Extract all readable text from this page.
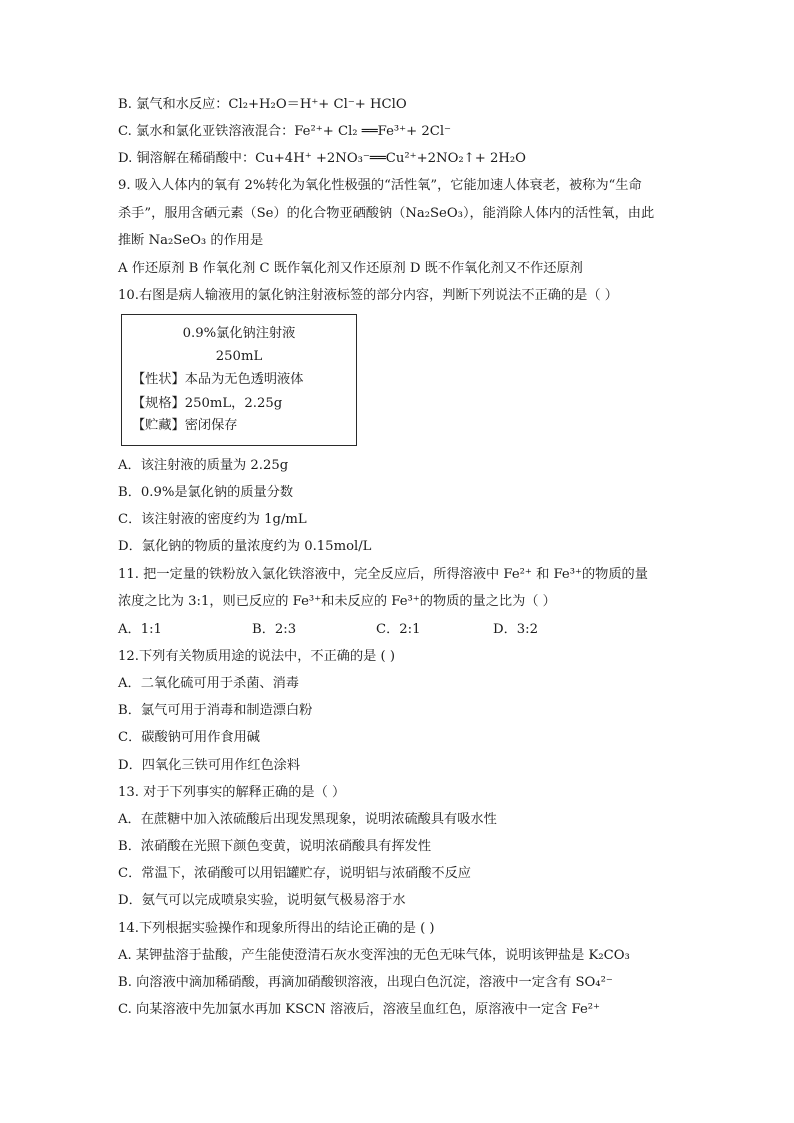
B. 氯气和水反应：Cl₂+H₂O＝H⁺+ Cl⁻+ HClO
C. 氯水和氯化亚铁溶液混合：Fe²⁺+ Cl₂ ══Fe³⁺+ 2Cl⁻
D. 铜溶解在稀硝酸中：Cu+4H⁺ +2NO₃⁻══Cu²⁺+2NO₂↑+ 2H₂O
9. 吸入人体内的氧有 2%转化为氧化性极强的“活性氧”，它能加速人体衰老，被称为“生命
杀手”，服用含硒元素（Se）的化合物亚硒酸钠（Na₂SeO₃），能消除人体内的活性氧，由此
推断 Na₂SeO₃ 的作用是
A 作还原剂 B 作氧化剂 C 既作氧化剂又作还原剂 D 既不作氧化剂又不作还原剂
10.右图是病人输液用的氯化钠注射液标签的部分内容，判断下列说法不正确的是（ ）
0.9%氯化钠注射液
250mL
【性状】本品为无色透明液体
【规格】250mL，2.25g
【贮藏】密闭保存
A．该注射液的质量为 2.25g
B．0.9%是氯化钠的质量分数
C．该注射液的密度约为 1g/mL
D．氯化钠的物质的量浓度约为 0.15mol/L
11. 把一定量的铁粉放入氯化铁溶液中，完全反应后，所得溶液中 Fe²⁺ 和 Fe³⁺的物质的量
浓度之比为 3:1，则已反应的 Fe³⁺和未反应的 Fe³⁺的物质的量之比为（ ）
A．1:1	B．2:3	C．2:1	D．3:2
12.下列有关物质用途的说法中，不正确的是 ( )
A．二氧化硫可用于杀菌、消毒
B．氯气可用于消毒和制造漂白粉
C．碳酸钠可用作食用碱
D．四氧化三铁可用作红色涂料
13. 对于下列事实的解释正确的是（ ）
A．在蔗糖中加入浓硫酸后出现发黑现象，说明浓硫酸具有吸水性
B．浓硝酸在光照下颜色变黄，说明浓硝酸具有挥发性
C．常温下，浓硝酸可以用铝罐贮存，说明铝与浓硝酸不反应
D．氨气可以完成喷泉实验，说明氨气极易溶于水
14.下列根据实验操作和现象所得出的结论正确的是 ( )
A. 某钾盐溶于盐酸，产生能使澄清石灰水变浑浊的无色无味气体，说明该钾盐是 K₂CO₃
B. 向溶液中滴加稀硝酸，再滴加硝酸钡溶液，出现白色沉淀，溶液中一定含有 SO₄²⁻
C. 向某溶液中先加氯水再加 KSCN 溶液后，溶液呈血红色，原溶液中一定含 Fe²⁺
